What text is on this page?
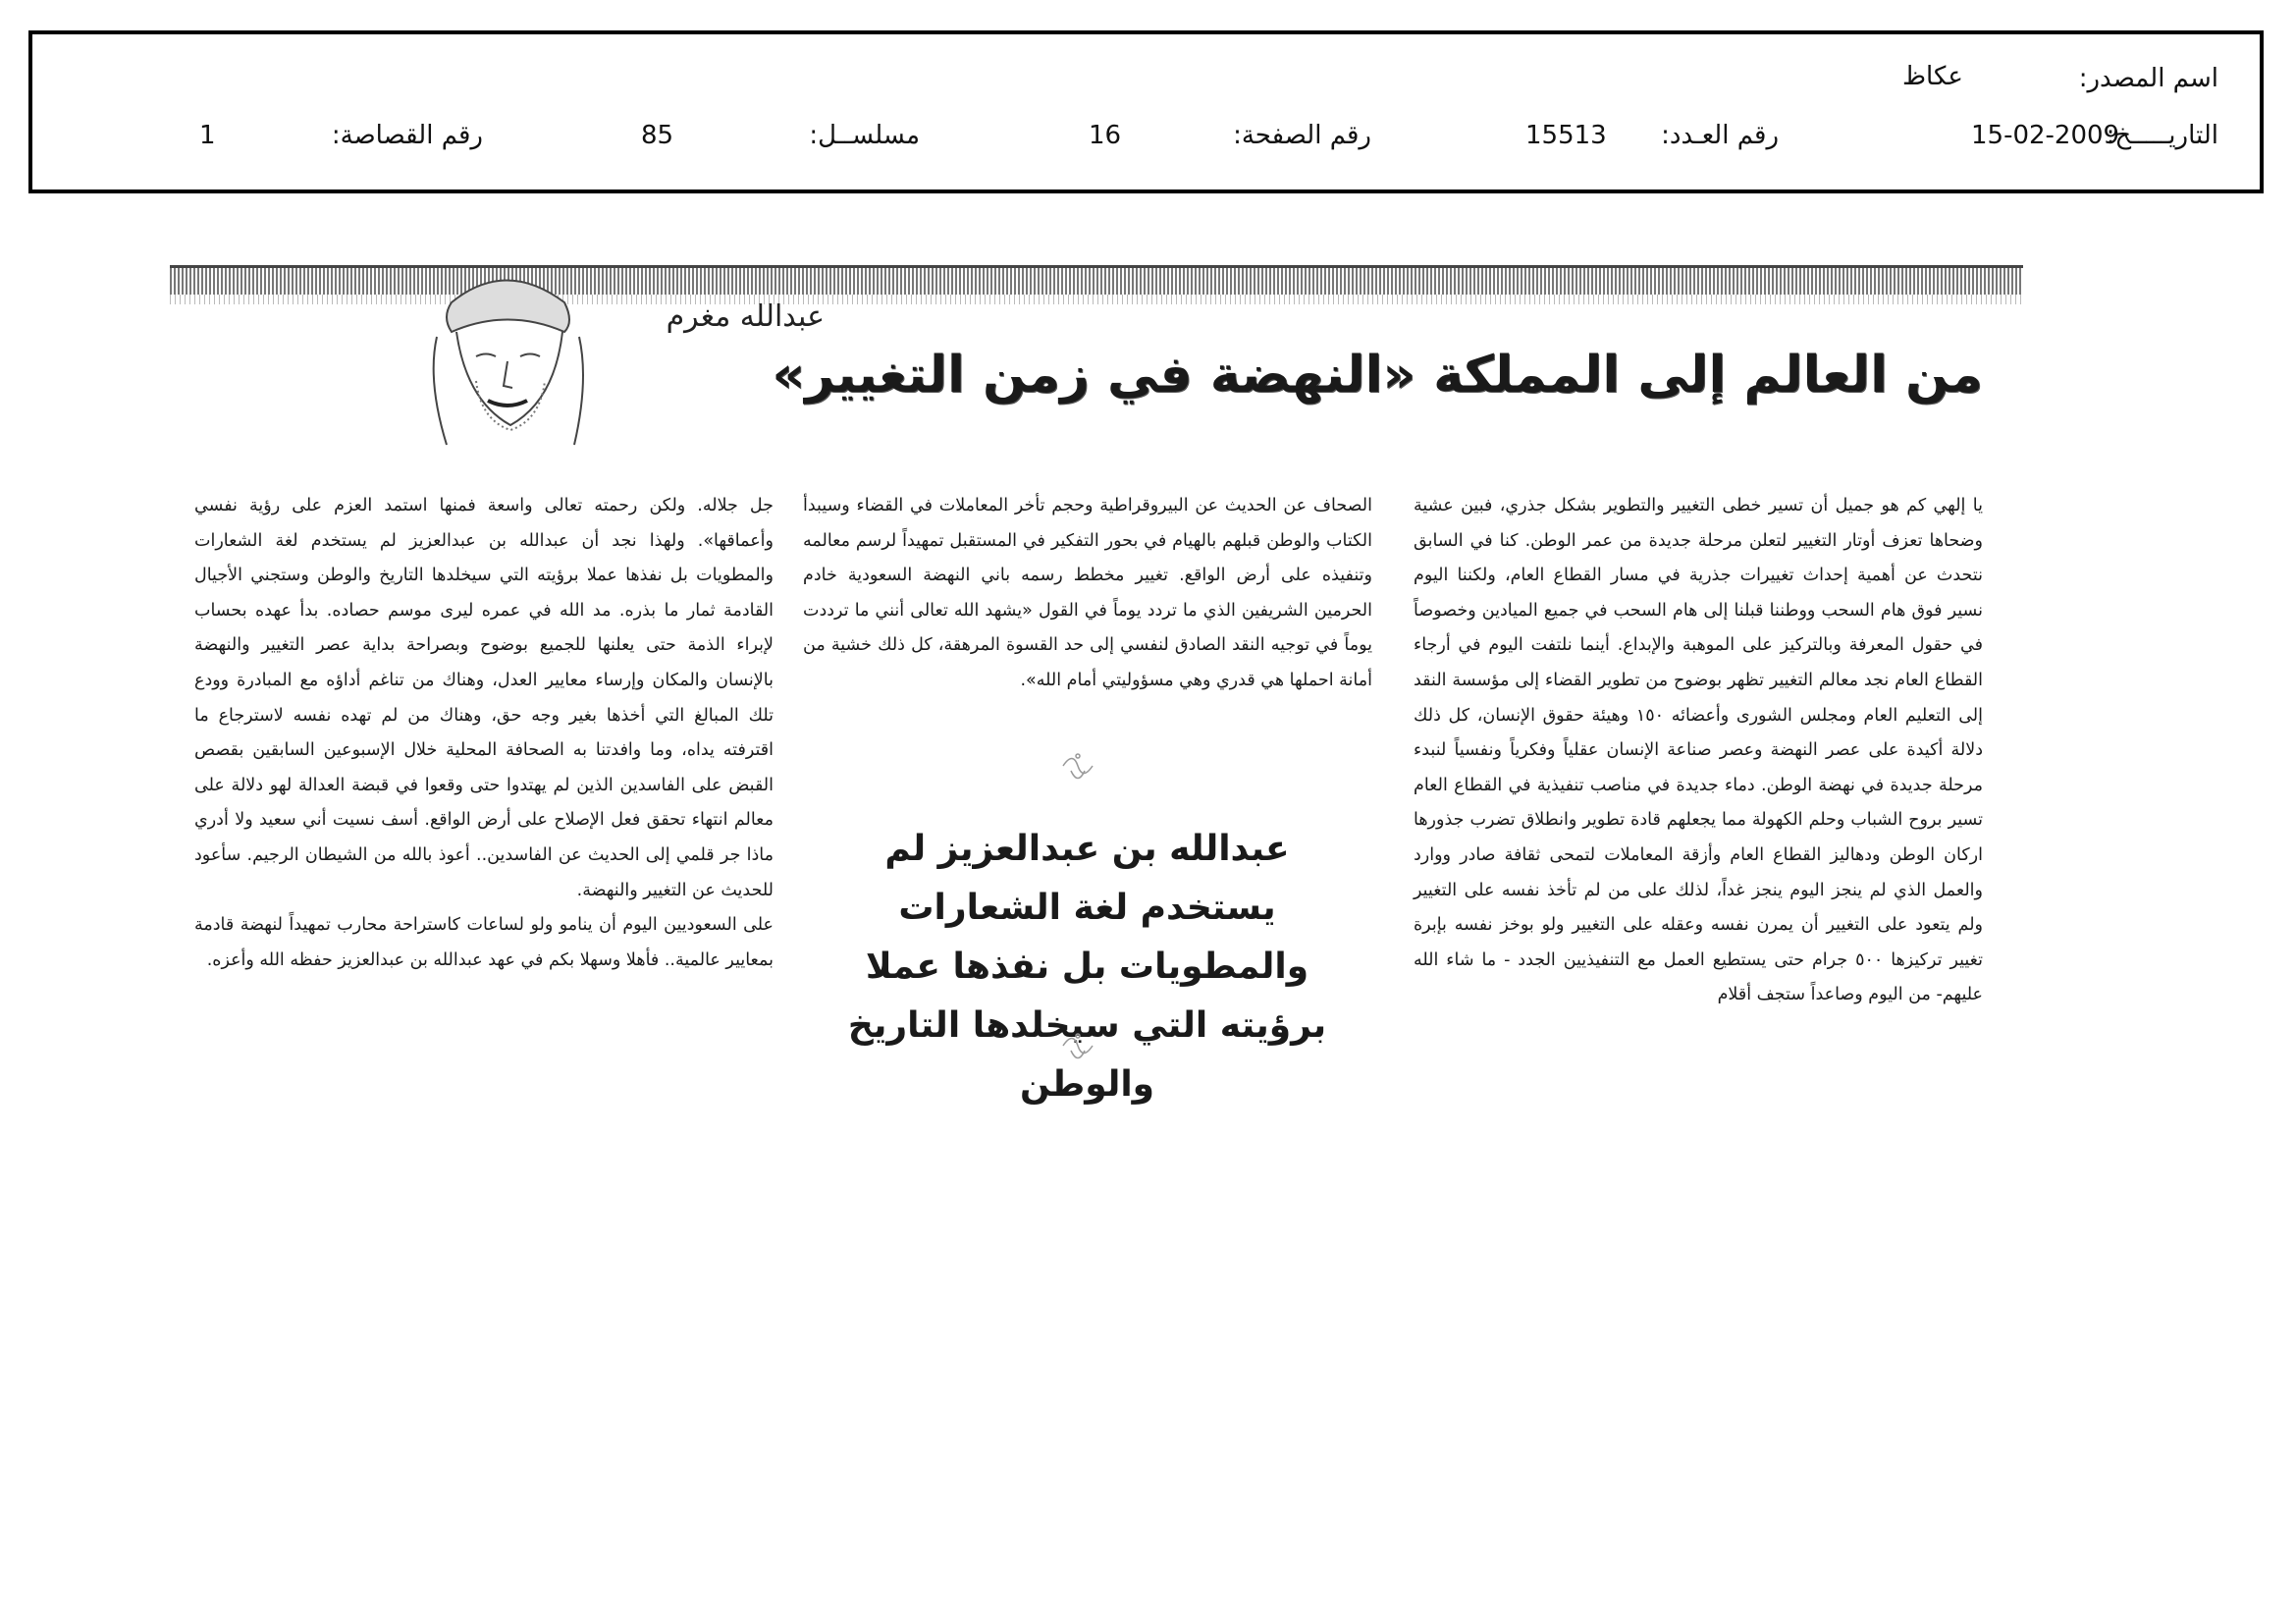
اسم المصدر:
عكاظ
التاريـــــخ:
15-02-2009
رقم العـدد:
15513
رقم الصفحة:
16
مسلســل:
85
رقم القصاصة:
1
عبدالله مغرم
من العالم إلى المملكة «النهضة في زمن التغيير»

يا إلهي كم هو جميل أن تسير خطى التغيير والتطوير بشكل جذري، فبين عشية وضحاها تعزف أوتار التغيير لتعلن مرحلة جديدة من عمر الوطن. كنا في السابق نتحدث عن أهمية إحداث تغييرات جذرية في مسار القطاع العام، ولكننا اليوم نسير فوق هام السحب ووطننا قبلنا إلى هام السحب في جميع الميادين وخصوصاً في حقول المعرفة وبالتركيز على الموهبة والإبداع. أينما نلتفت اليوم في أرجاء القطاع العام نجد معالم التغيير تظهر بوضوح من تطوير القضاء إلى مؤسسة النقد إلى التعليم العام ومجلس الشورى وأعضائه ١٥٠ وهيئة حقوق الإنسان، كل ذلك دلالة أكيدة على عصر النهضة وعصر صناعة الإنسان عقلياً وفكرياً ونفسياً لنبدء مرحلة جديدة في نهضة الوطن. دماء جديدة في مناصب تنفيذية في القطاع العام تسير بروح الشباب وحلم الكهولة مما يجعلهم قادة تطوير وانطلاق تضرب جذورها اركان الوطن ودهاليز القطاع العام وأزقة المعاملات لتمحى ثقافة صادر ووارد والعمل الذي لم ينجز اليوم ينجز غداً، لذلك على من لم تأخذ نفسه على التغيير ولم يتعود على التغيير أن يمرن نفسه وعقله على التغيير ولو بوخز نفسه بإبرة تغيير تركيزها ٥٠٠ جرام حتى يستطيع العمل مع التنفيذيين الجدد - ما شاء الله عليهم- من اليوم وصاعداً ستجف أقلام

الصحاف عن الحديث عن البيروقراطية وحجم تأخر المعاملات في القضاء وسيبدأ الكتاب والوطن قبلهم بالهيام في بحور التفكير في المستقبل تمهيداً لرسم معالمه وتنفيذه على أرض الواقع. تغيير مخطط رسمه باني النهضة السعودية خادم الحرمين الشريفين الذي ما تردد يوماً في القول «يشهد الله تعالى أنني ما ترددت يوماً في توجيه النقد الصادق لنفسي إلى حد القسوة المرهقة، كل ذلك خشية من أمانة احملها هي قدري وهي مسؤوليتي أمام الله».

جل جلاله. ولكن رحمته تعالى واسعة فمنها استمد العزم على رؤية نفسي وأعماقها». ولهذا نجد أن عبدالله بن عبدالعزيز لم يستخدم لغة الشعارات والمطويات بل نفذها عملا برؤيته التي سيخلدها التاريخ والوطن وستجني الأجيال القادمة ثمار ما بذره. مد الله في عمره ليرى موسم حصاده. بدأ عهده بحساب لإبراء الذمة حتى يعلنها للجميع بوضوح وبصراحة بداية عصر التغيير والنهضة بالإنسان والمكان وإرساء معايير العدل، وهناك من تناغم أداؤه مع المبادرة وودع تلك المبالغ التي أخذها بغير وجه حق، وهناك من لم تهده نفسه لاسترجاع ما اقترفته يداه، وما وافدتنا به الصحافة المحلية خلال الإسبوعين السابقين بقصص القبض على الفاسدين الذين لم يهتدوا حتى وقعوا في قبضة العدالة لهو دلالة على معالم انتهاء تحقق فعل الإصلاح على أرض الواقع. أسف نسيت أني سعيد ولا أدري ماذا جر قلمي إلى الحديث عن الفاسدين.. أعوذ بالله من الشيطان الرجيم. سأعود للحديث عن التغيير والنهضة.

على السعوديين اليوم أن ينامو ولو لساعات كاستراحة محارب تمهيداً لنهضة قادمة بمعايير عالمية.. فأهلا وسهلا بكم في عهد عبدالله بن عبدالعزيز حفظه الله وأعزه.

عبدالله بن عبدالعزيز لم يستخدم لغة الشعارات والمطويات بل نفذها عملا برؤيته التي سيخلدها التاريخ والوطن
